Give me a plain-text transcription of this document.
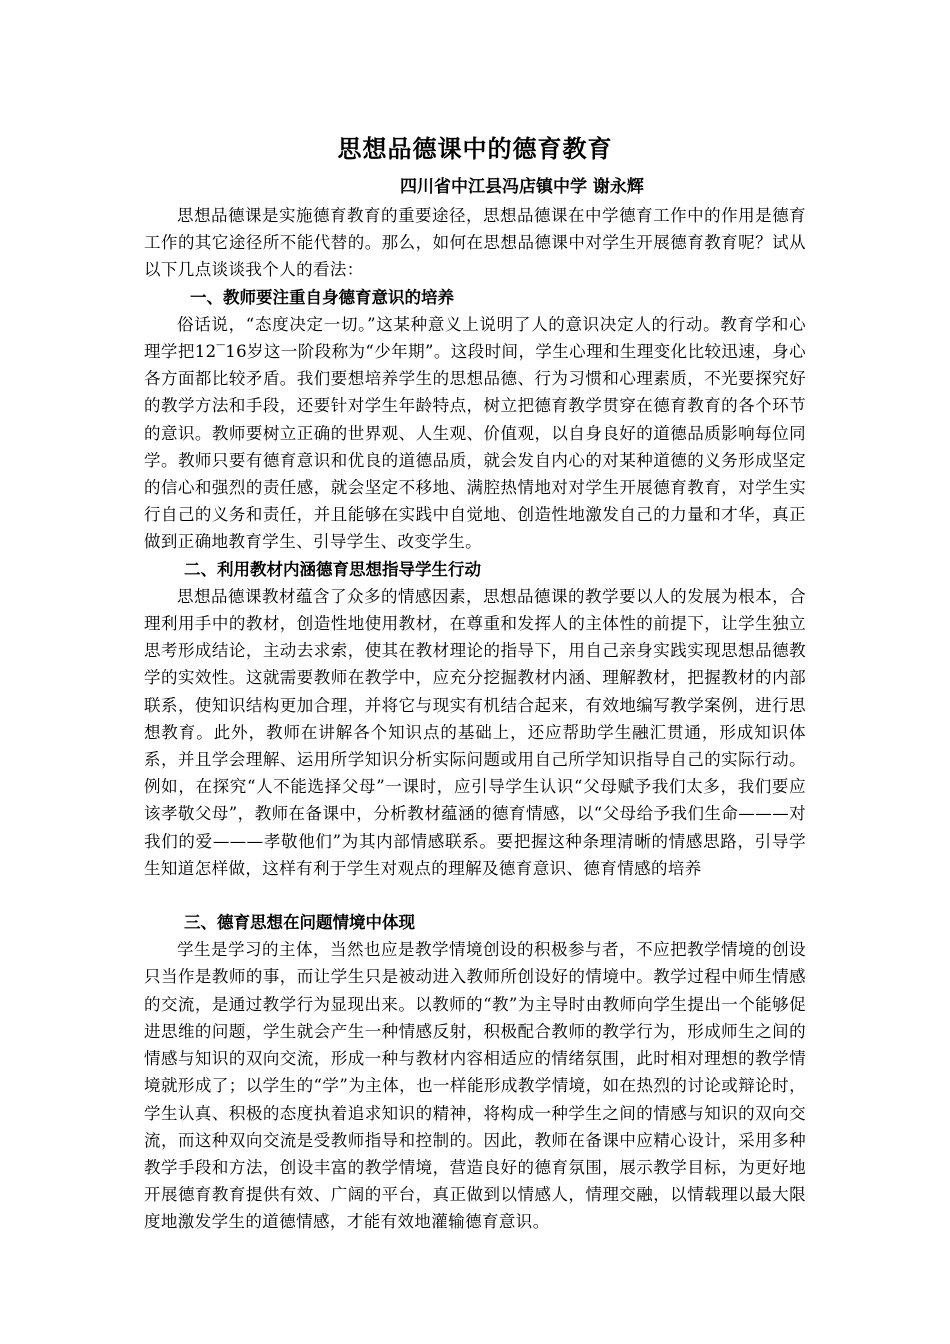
思想品德课中的德育教育

四川省中江县冯店镇中学 谢永辉

思想品德课是实施德育教育的重要途径，思想品德课在中学德育工作中的作用是德育工作的其它途径所不能代替的。那么，如何在思想品德课中对学生开展德育教育呢？试从以下几点谈谈我个人的看法：

一、教师要注重自身德育意识的培养

俗话说，“态度决定一切。”这某种意义上说明了人的意识决定人的行动。教育学和心理学把12‾16岁这一阶段称为“少年期”。这段时间，学生心理和生理变化比较迅速，身心各方面都比较矛盾。我们要想培养学生的思想品德、行为习惯和心理素质，不光要探究好的教学方法和手段，还要针对学生年龄特点，树立把德育教学贯穿在德育教育的各个环节的意识。教师要树立正确的世界观、人生观、价值观，以自身良好的道德品质影响每位同学。教师只要有德育意识和优良的道德品质，就会发自内心的对某种道德的义务形成坚定的信心和强烈的责任感，就会坚定不移地、满腔热情地对对学生开展德育教育，对学生实行自己的义务和责任，并且能够在实践中自觉地、创造性地激发自己的力量和才华，真正做到正确地教育学生、引导学生、改变学生。

二、利用教材内涵德育思想指导学生行动

思想品德课教材蕴含了众多的情感因素，思想品德课的教学要以人的发展为根本，合理利用手中的教材，创造性地使用教材，在尊重和发挥人的主体性的前提下，让学生独立思考形成结论，主动去求索，使其在教材理论的指导下，用自己亲身实践实现思想品德教学的实效性。这就需要教师在教学中，应充分挖掘教材内涵、理解教材，把握教材的内部联系，使知识结构更加合理，并将它与现实有机结合起来，有效地编写教学案例，进行思想教育。此外，教师在讲解各个知识点的基础上，还应帮助学生融汇贯通，形成知识体系，并且学会理解、运用所学知识分析实际问题或用自己所学知识指导自己的实际行动。例如，在探究“人不能选择父母”一课时，应引导学生认识“父母赋予我们太多，我们要应该孝敬父母”，教师在备课中，分析教材蕴涵的德育情感，以“父母给予我们生命———对我们的爱———孝敬他们”为其内部情感联系。要把握这种条理清晰的情感思路，引导学生知道怎样做，这样有利于学生对观点的理解及德育意识、德育情感的培养

三、德育思想在问题情境中体现

学生是学习的主体，当然也应是教学情境创设的积极参与者，不应把教学情境的创设只当作是教师的事，而让学生只是被动进入教师所创设好的情境中。教学过程中师生情感的交流，是通过教学行为显现出来。以教师的“教”为主导时由教师向学生提出一个能够促进思维的问题，学生就会产生一种情感反射，积极配合教师的教学行为，形成师生之间的情感与知识的双向交流，形成一种与教材内容相适应的情绪氛围，此时相对理想的教学情境就形成了；以学生的“学”为主体，也一样能形成教学情境，如在热烈的讨论或辩论时，学生认真、积极的态度执着追求知识的精神，将构成一种学生之间的情感与知识的双向交流，而这种双向交流是受教师指导和控制的。因此，教师在备课中应精心设计，采用多种教学手段和方法，创设丰富的教学情境，营造良好的德育氛围，展示教学目标，为更好地开展德育教育提供有效、广阔的平台，真正做到以情感人，情理交融，以情载理以最大限度地激发学生的道德情感，才能有效地灌输德育意识。
